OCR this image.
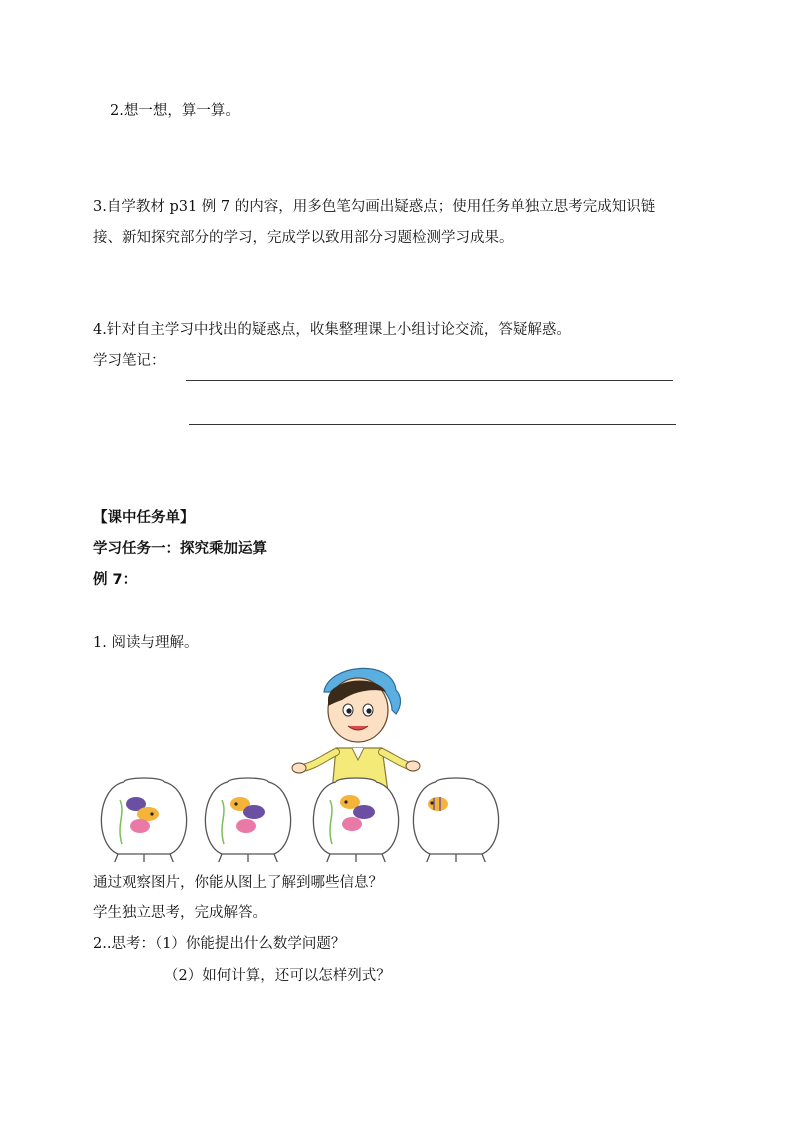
2.想一想，算一算。
3.自学教材 p31 例 7 的内容，用多色笔勾画出疑惑点；使用任务单独立思考完成知识链
接、新知探究部分的学习，完成学以致用部分习题检测学习成果。
4.针对自主学习中找出的疑惑点，收集整理课上小组讨论交流，答疑解惑。
学习笔记：
【课中任务单】
学习任务一：探究乘加运算
例 7：
1. 阅读与理解。
通过观察图片，你能从图上了解到哪些信息？
学生独立思考，完成解答。
2..思考：（1）你能提出什么数学问题？
（2）如何计算，还可以怎样列式？
